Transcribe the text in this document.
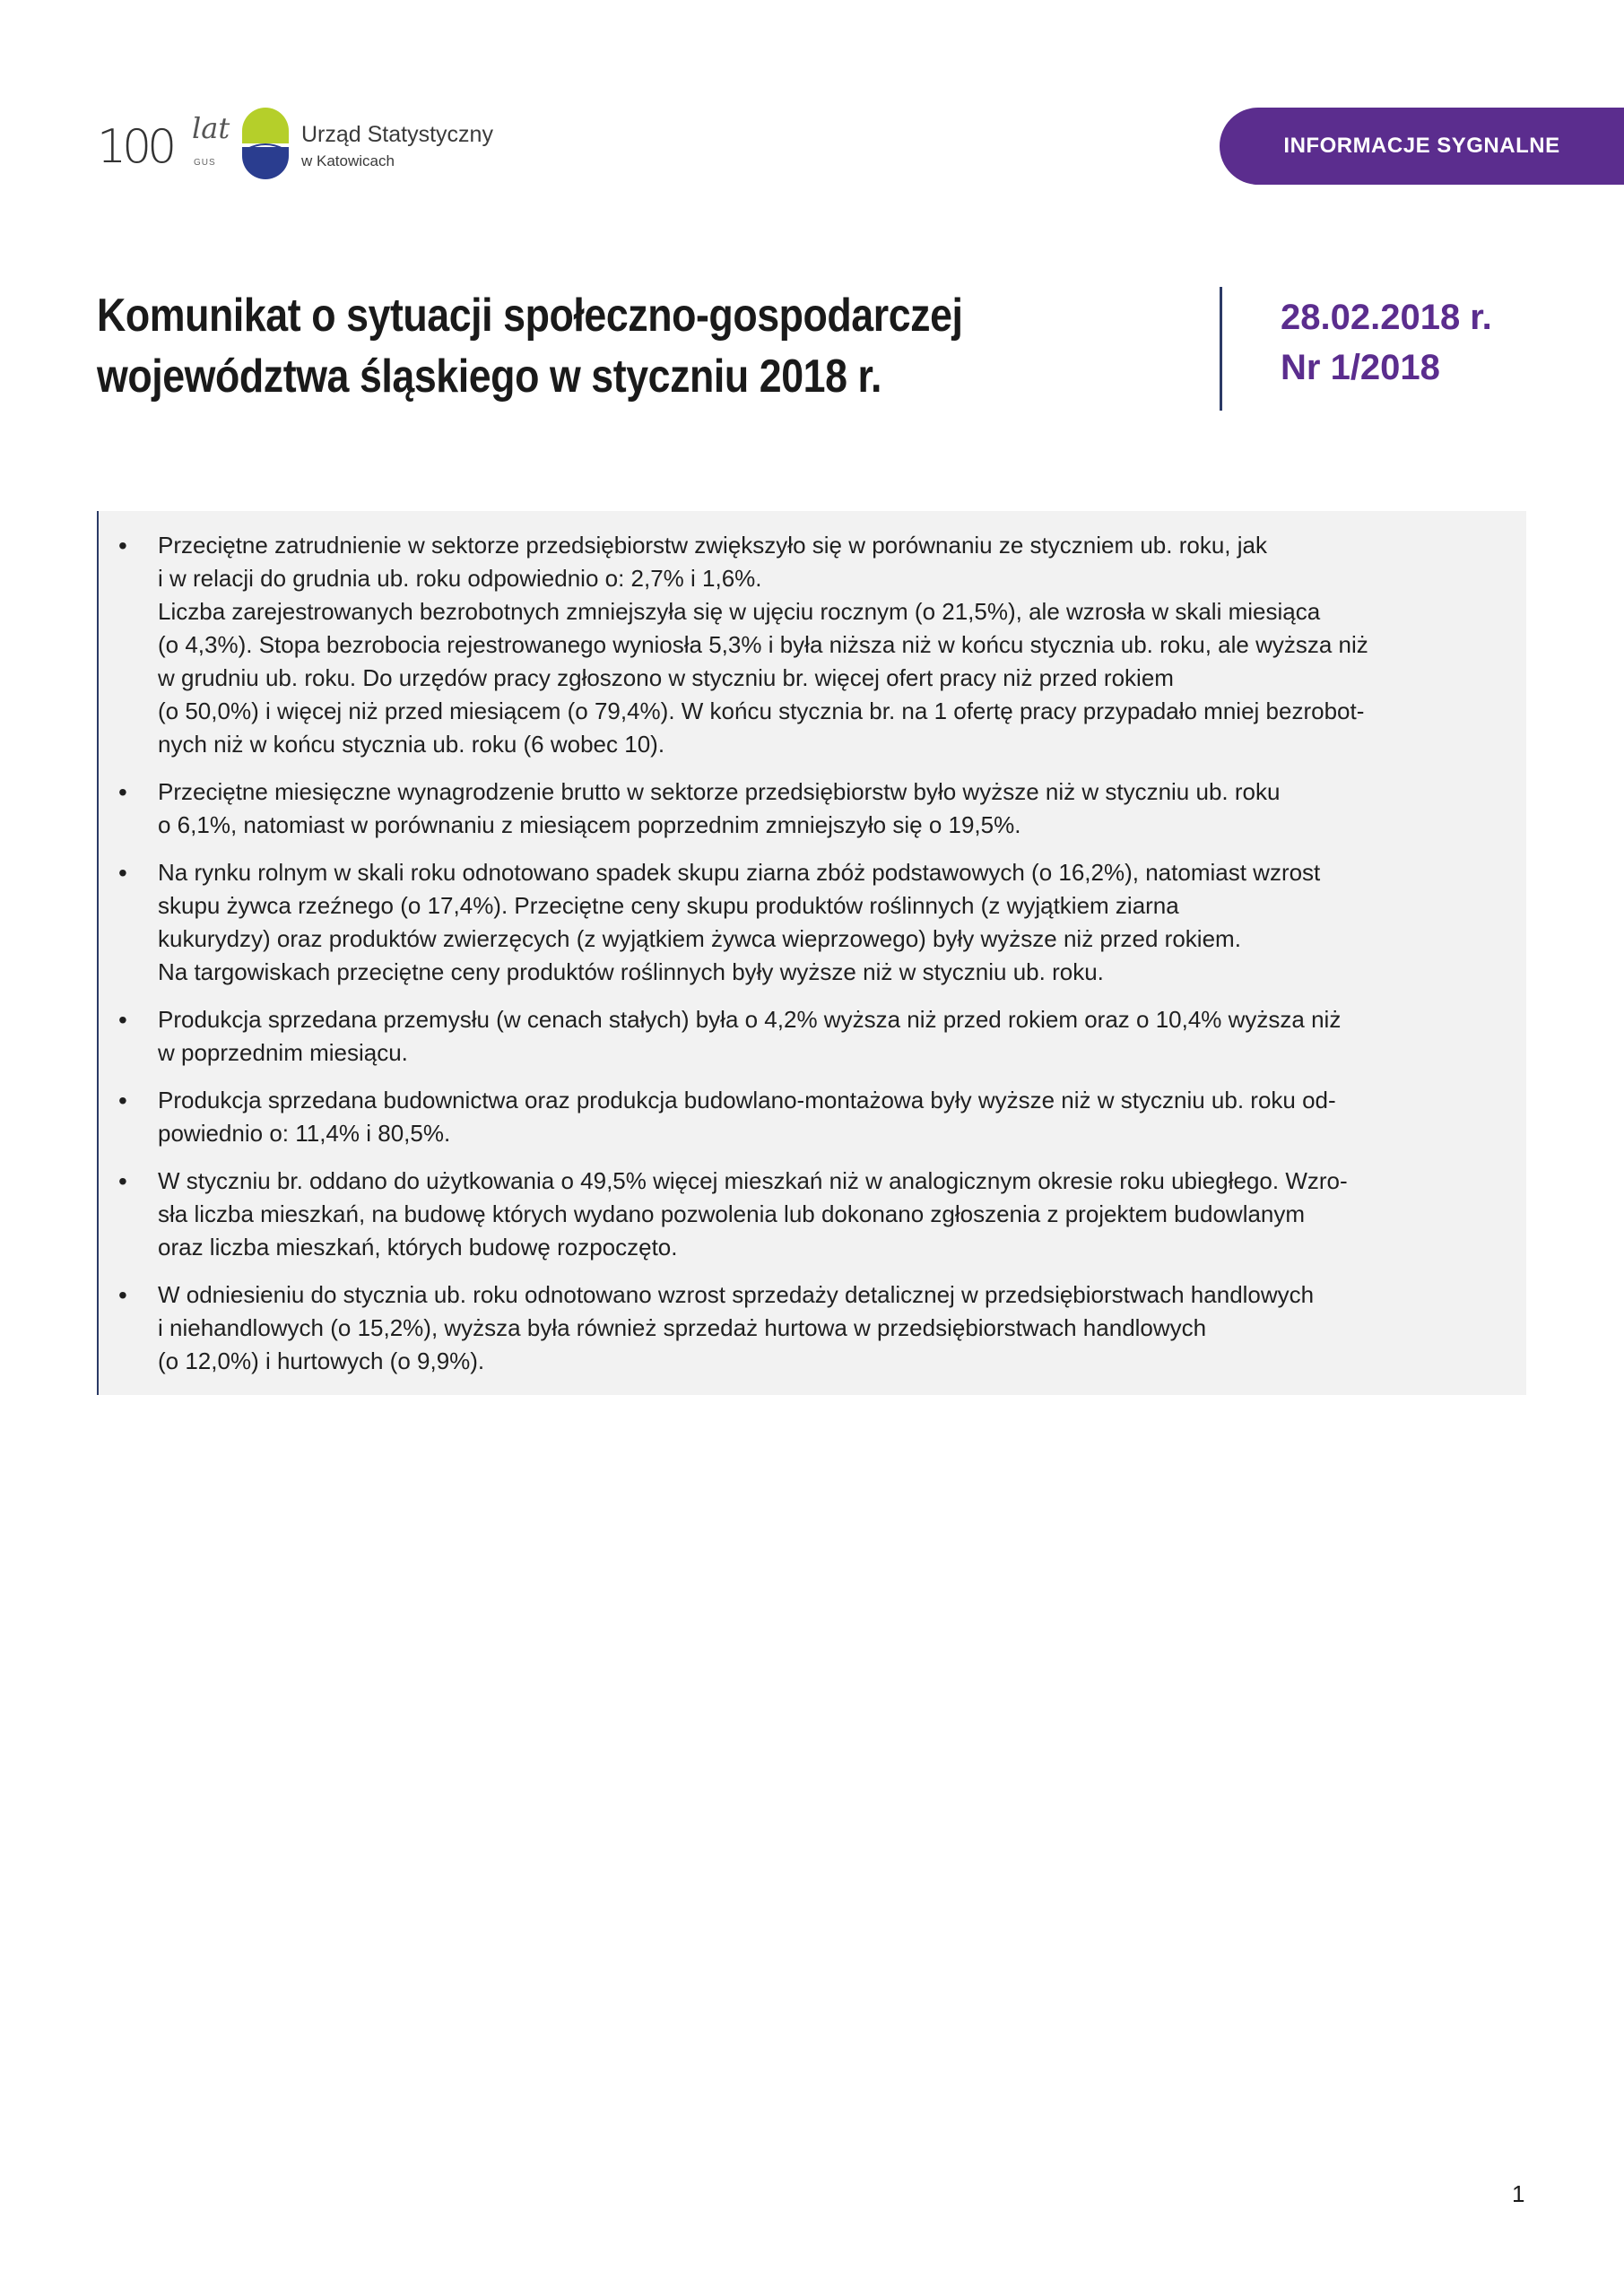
100 lat
GUS
Urząd Statystyczny
w Katowicach
INFORMACJE SYGNALNE
Komunikat o sytuacji społeczno-gospodarczej
województwa śląskiego w styczniu 2018 r.
28.02.2018 r.
Nr 1/2018
• Przeciętne zatrudnienie w sektorze przedsiębiorstw zwiększyło się w porównaniu ze styczniem ub. roku, jak
i w relacji do grudnia ub. roku odpowiednio o: 2,7% i 1,6%.
Liczba zarejestrowanych bezrobotnych zmniejszyła się w ujęciu rocznym (o 21,5%), ale wzrosła w skali miesiąca
(o 4,3%). Stopa bezrobocia rejestrowanego wyniosła 5,3% i była niższa niż w końcu stycznia ub. roku, ale wyższa niż
w grudniu ub. roku. Do urzędów pracy zgłoszono w styczniu br. więcej ofert pracy niż przed rokiem
(o 50,0%) i więcej niż przed miesiącem (o 79,4%). W końcu stycznia br. na 1 ofertę pracy przypadało mniej bezrobot-
nych niż w końcu stycznia ub. roku (6 wobec 10).
• Przeciętne miesięczne wynagrodzenie brutto w sektorze przedsiębiorstw było wyższe niż w styczniu ub. roku
o 6,1%, natomiast w porównaniu z miesiącem poprzednim zmniejszyło się o 19,5%.
• Na rynku rolnym w skali roku odnotowano spadek skupu ziarna zbóż podstawowych (o 16,2%), natomiast wzrost
skupu żywca rzeźnego (o 17,4%). Przeciętne ceny skupu produktów roślinnych (z wyjątkiem ziarna
kukurydzy) oraz produktów zwierzęcych (z wyjątkiem żywca wieprzowego) były wyższe niż przed rokiem.
Na targowiskach przeciętne ceny produktów roślinnych były wyższe niż w styczniu ub. roku.
• Produkcja sprzedana przemysłu (w cenach stałych) była o 4,2% wyższa niż przed rokiem oraz o 10,4% wyższa niż
w poprzednim miesiącu.
• Produkcja sprzedana budownictwa oraz produkcja budowlano-montażowa były wyższe niż w styczniu ub. roku od-
powiednio o: 11,4% i 80,5%.
• W styczniu br. oddano do użytkowania o 49,5% więcej mieszkań niż w analogicznym okresie roku ubiegłego. Wzro-
sła liczba mieszkań, na budowę których wydano pozwolenia lub dokonano zgłoszenia z projektem budowlanym
oraz liczba mieszkań, których budowę rozpoczęto.
• W odniesieniu do stycznia ub. roku odnotowano wzrost sprzedaży detalicznej w przedsiębiorstwach handlowych
i niehandlowych (o 15,2%), wyższa była również sprzedaż hurtowa w przedsiębiorstwach handlowych
(o 12,0%) i hurtowych (o 9,9%).
1
